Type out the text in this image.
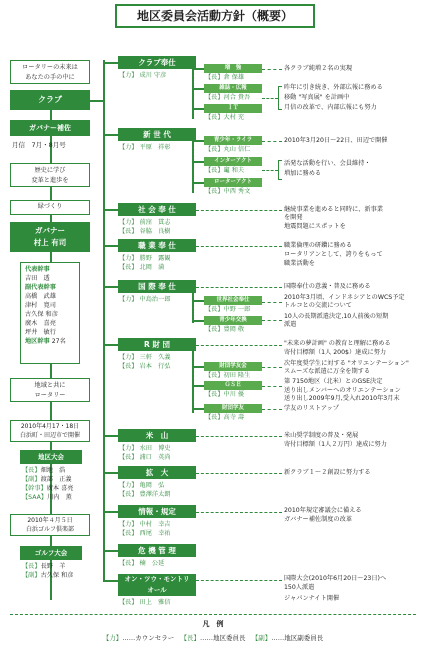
地区委員会活動方針（概要）
ロータリーの未来は
あなたの手の中に
クラブ
ガバナー補佐
月信　7月・8月号
歴史に学び
変革と進歩を
緑づくり
ガバナー
村上 有司
代表幹事
吉田　透
副代表幹事
高橋　武雄
津村　寛司
古久保 和彦
廣木　喜亮
坪井　敏行
地区幹事 27名
地域と共に
ロータリー
2010年4月17・18日
白浜町・田辺市で開催
地区大会
【長】畑地　浩
【副】渡部　正義
【幹事】廣本 喜亮
【SAA】川内　薫
2010年４月５日
白浜ゴルフ倶楽部
ゴルフ大会
【長】長野　羊
【副】古久保 和彦
クラブ奉仕
【力】 成川 守彦
増　強
【長】倉 保雄
雑誌・広報
【長】河合 貴吾
ＩＴ
【長】大村 充
各クラブ純増２名の実現
昨年に引き続き、外部広報に務める
移動 "写真展" を計画中
月信の改革で、内部広報にも努力
新 世 代
【力】 平原　祥彰
青少年・ライラ
【長】丸山 信仁
インターアクト
【長】竃 和夫
ローターアクト
【長】中西 秀文
2010年3月20日～22日、田辺で開催
活発な活動を行い、会員維持・
増加に務める
社 会 奉 仕
【力】 前窪　貫志
【長】 谷脇　良樹
継続事業を進めると同時に、新事業
を開発
地震問題にスポットを
職 業 奉 仕
【力】 勝野　露観
【長】 北岡　満
職業倫理の研鑽に務める
ロータリアンとして、誇りをもって
職業活動を
国 際 奉 仕
【力】 中島治一郎	世界社会奉仕
【長】中野 一郎
青少年交換
【長】豊岡 敬
国際奉仕の意義・普及に務める
2010年3月頃、インドネシアとのWCS予定
トルコとの交流について
10人の長期派遣決定,10人前後の短期
派遣
R 財 団
【力】 三軒　久義
【長】 岩本　行弘	財団学友会
【長】初田 隆生
ＧＳＥ
【長】中川 優
財団学友
【長】高寺 壽
"未来の夢計画" の教育と理解に務める
寄付目標額（1人 200$）達成に努力
次年度奨学生に対する "オリエンテーション"
スムーズな派遣に万全を期する
第 7150地区（北米）とのGSE決定
送り出しメンバーへのオリエンテーション
送り出し2009年9月,受入れ2010年3月末
学友のリストアップ
米　山
【力】 水田　博史
【長】 浦口　英尚
米山奨学制度の普及・発展
寄付目標額（1人２万円）達成に努力
拡　大
【力】 亀岡　弘
【長】 豊澤洋太朗
新クラブ１～２創設に努力する
情報・規定
【力】 中村　幸吉
【長】 西尾　幸祐
2010年規定審議会に備える
ガバナー補佐制度の改革
危 機 管 理
【長】 楠　公延
オン・ツウ・モントリオール
【長】 田上　雅信
国際大会(2010年6月20日～23日)へ
150人派遣
ジャパンナイト開催
凡　例
【力】……カウンセラー 【長】……地区委員長 【副】……地区副委員長
